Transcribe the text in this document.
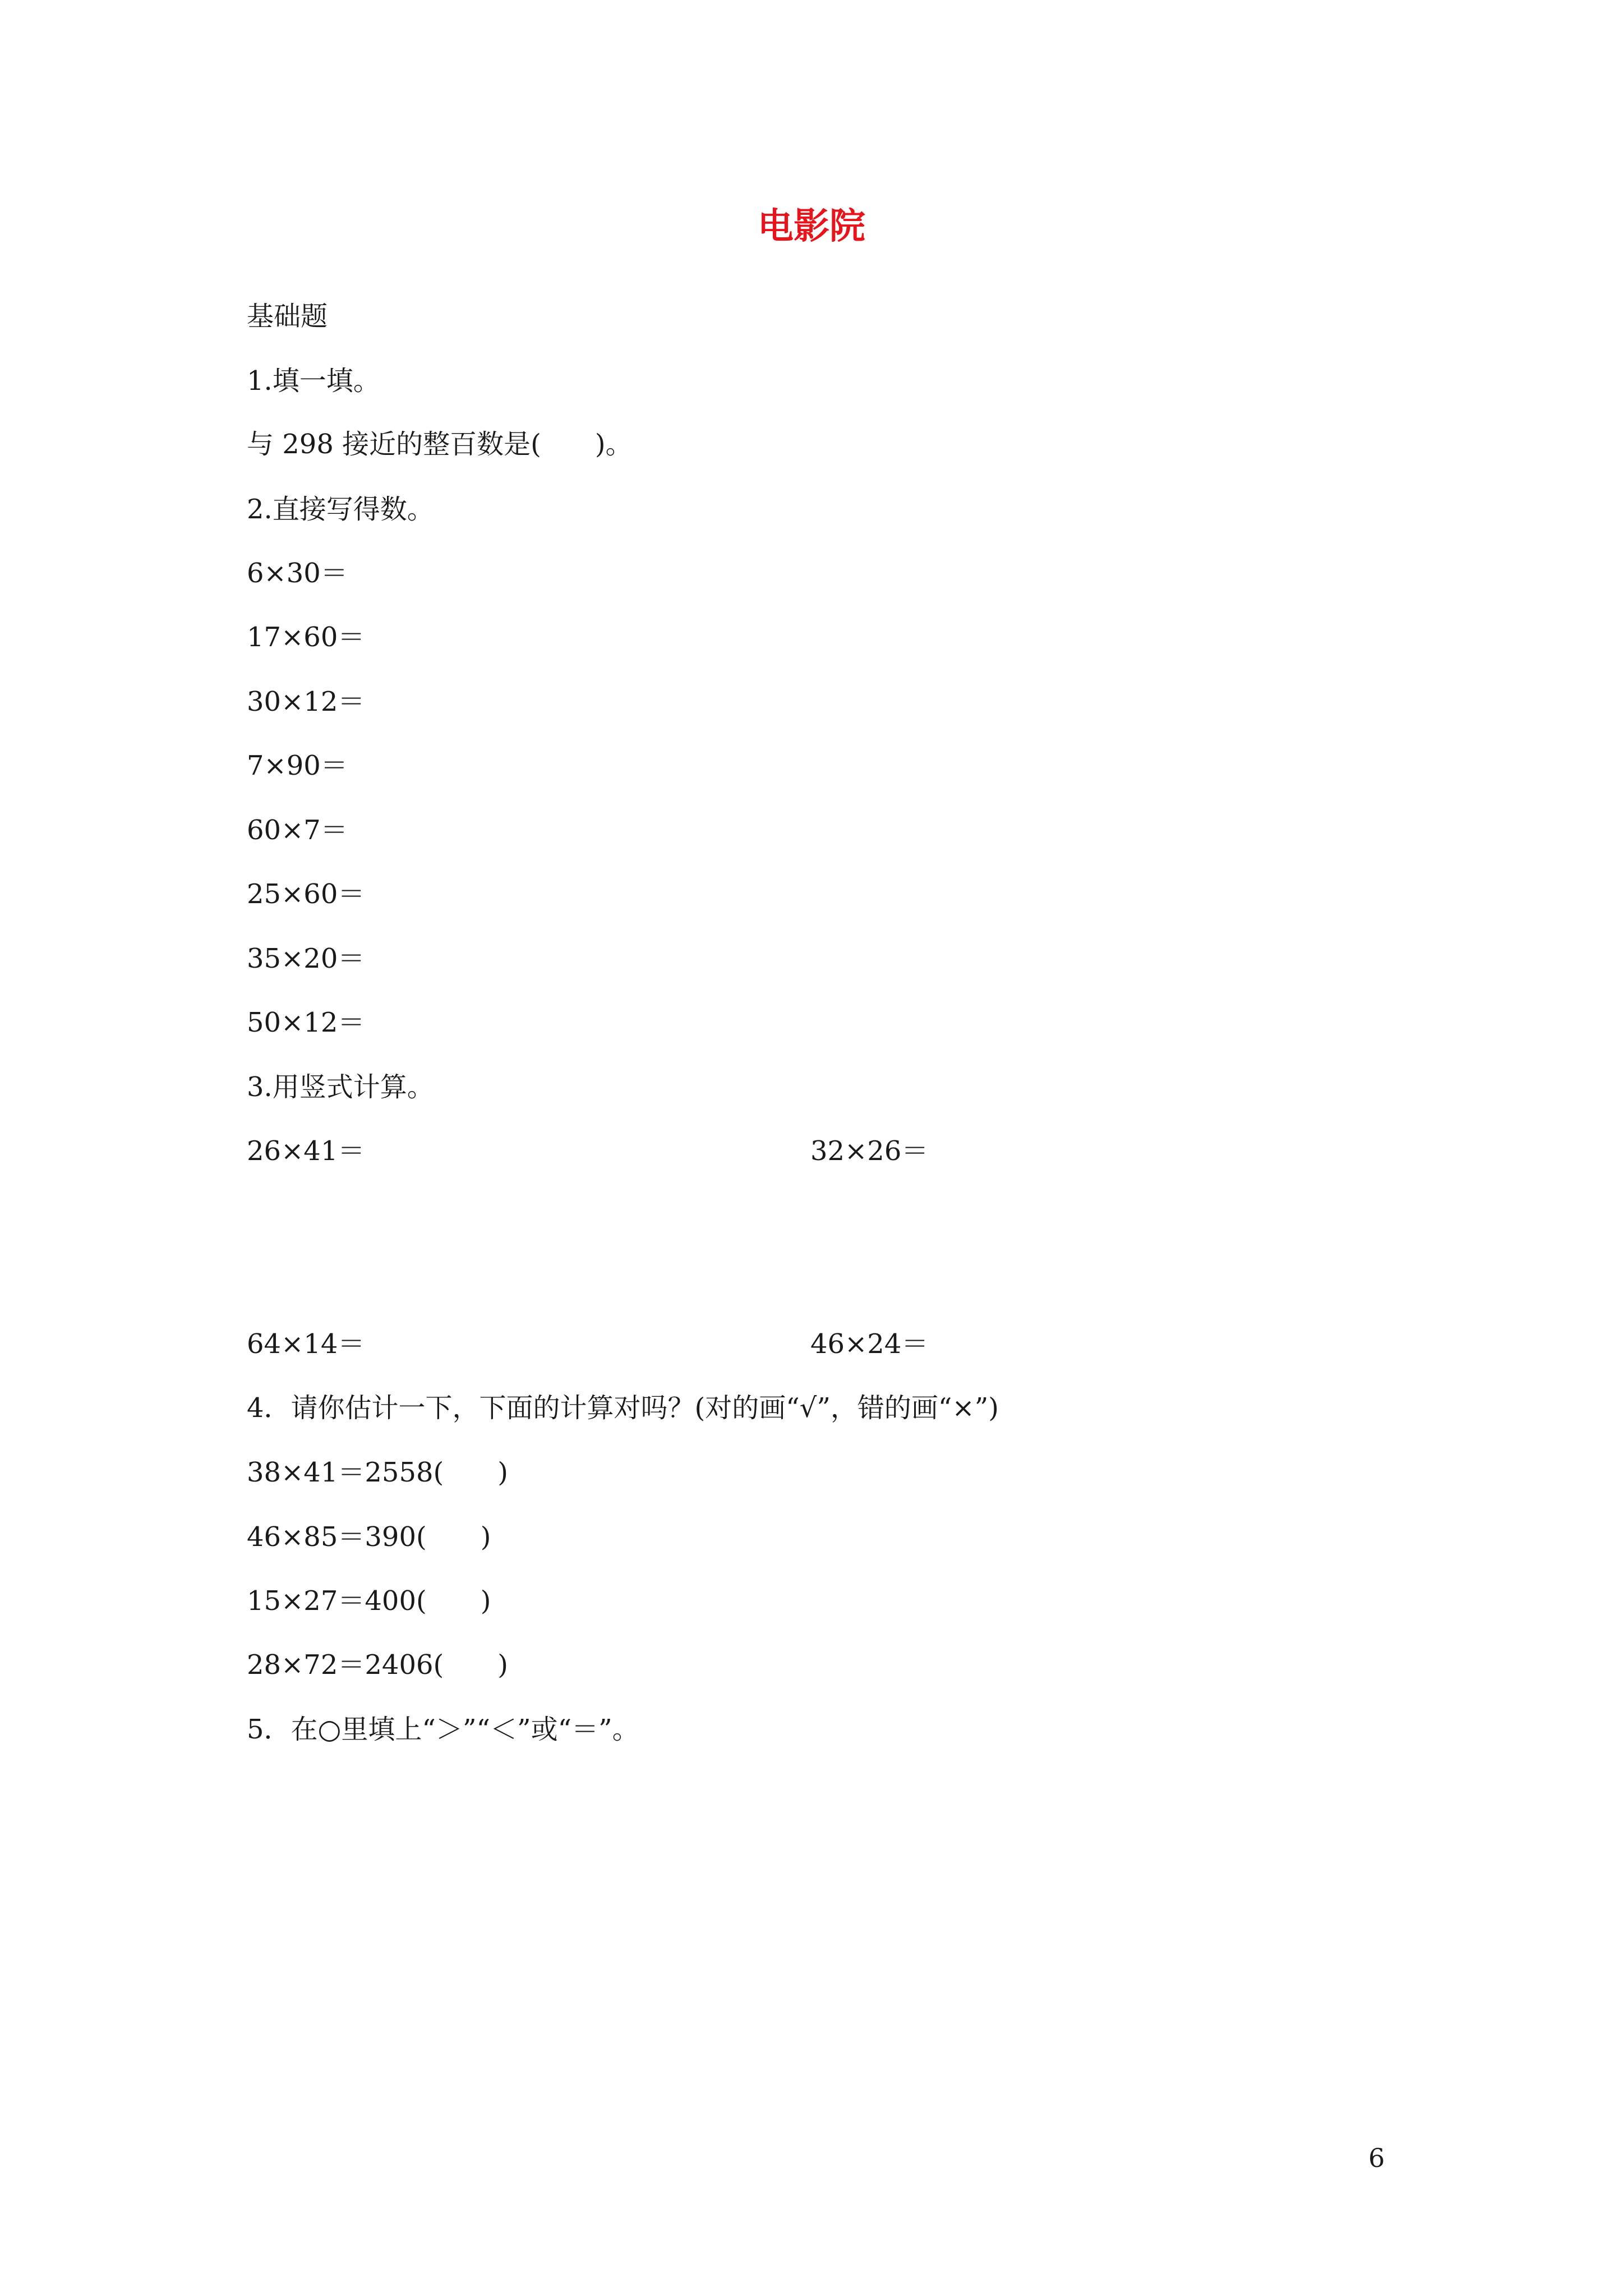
电影院
基础题
1.填一填。
与 298 接近的整百数是(　　)。
2.直接写得数。
6×30＝
17×60＝
30×12＝
7×90＝
60×7＝
25×60＝
35×20＝
50×12＝
3.用竖式计算。
26×41＝	32×26＝
64×14＝	46×24＝
4．请你估计一下，下面的计算对吗？(对的画“√”，错的画“×”)
38×41＝2558(　　)
46×85＝390(　　)
15×27＝400(　　)
28×72＝2406(　　)
5．在○里填上“＞”“＜”或“＝”。
6
